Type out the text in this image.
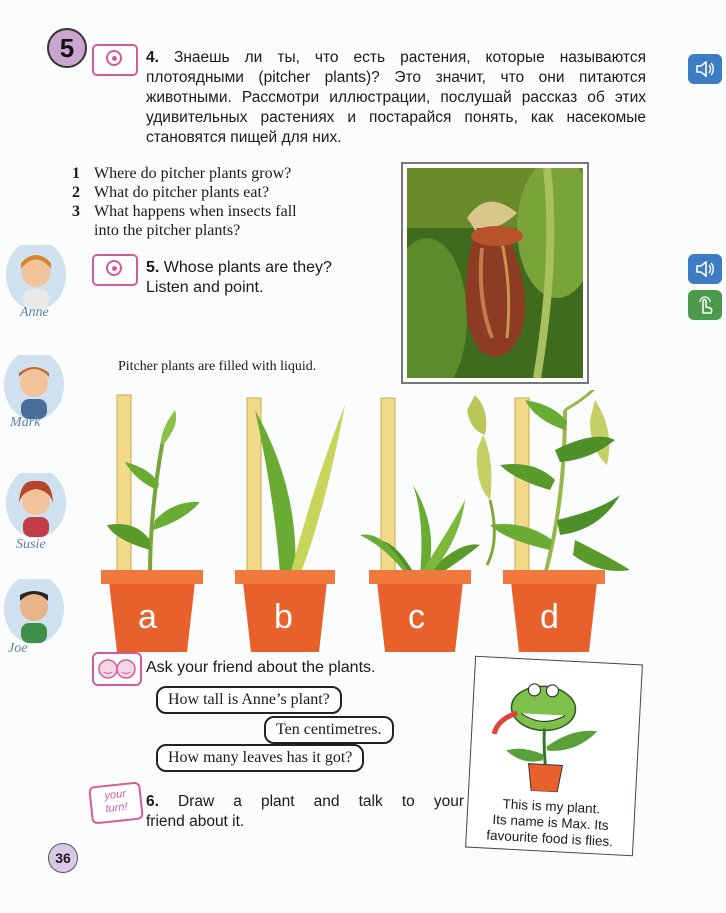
5	4. Знаешь ли ты, что есть растения, которые называются плотоядными (pitcher plants)? Это значит, что они питаются животными. Рассмотри иллюстрации, послушай рассказ об этих удивительных растениях и постарайся понять, как насекомые становятся пищей для них.
1 Where do pitcher plants grow?
2 What do pitcher plants eat?
3 What happens when insects fall
into the pitcher plants?
Pitcher plants are filled with liquid.
5. Whose plants are they?
Listen and point.
Anne
Mark
Susie
Joe
a	b	c	d
Ask your friend about the plants.
How tall is Anne’s plant?
Ten centimetres.
How many leaves has it got?
This is my plant.
Its name is Max. Its
favourite food is flies.
your
turn!	6. Draw a plant and talk to your
friend about it.
36
